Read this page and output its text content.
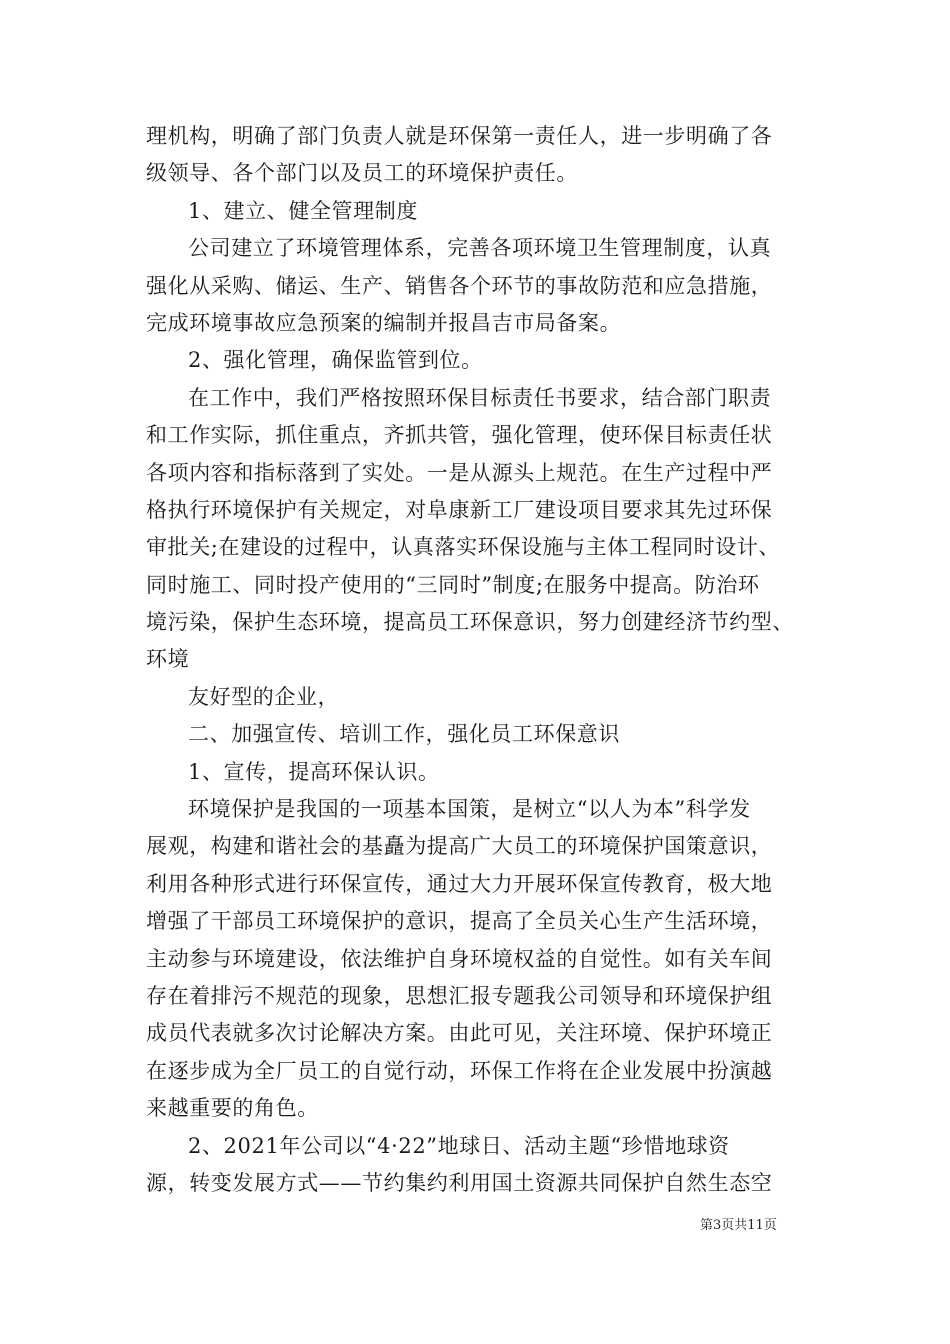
理机构，明确了部门负责人就是环保第一责任人，进一步明确了各
级领导、各个部门以及员工的环境保护责任。
1、建立、健全管理制度
公司建立了环境管理体系，完善各项环境卫生管理制度，认真
强化从采购、储运、生产、销售各个环节的事故防范和应急措施，
完成环境事故应急预案的编制并报昌吉市局备案。
2、强化管理，确保监管到位。
在工作中，我们严格按照环保目标责任书要求，结合部门职责
和工作实际，抓住重点，齐抓共管，强化管理，使环保目标责任状
各项内容和指标落到了实处。一是从源头上规范。在生产过程中严
格执行环境保护有关规定，对阜康新工厂建设项目要求其先过环保
审批关;在建设的过程中，认真落实环保设施与主体工程同时设计、
同时施工、同时投产使用的“三同时”制度;在服务中提高。防治环
境污染，保护生态环境，提高员工环保意识，努力创建经济节约型、
环境
友好型的企业，
二、加强宣传、培训工作，强化员工环保意识
1、宣传，提高环保认识。
环境保护是我国的一项基本国策，是树立“以人为本”科学发
展观，构建和谐社会的基矗为提高广大员工的环境保护国策意识，
利用各种形式进行环保宣传，通过大力开展环保宣传教育，极大地
增强了干部员工环境保护的意识，提高了全员关心生产生活环境，
主动参与环境建设，依法维护自身环境权益的自觉性。如有关车间
存在着排污不规范的现象，思想汇报专题我公司领导和环境保护组
成员代表就多次讨论解决方案。由此可见，关注环境、保护环境正
在逐步成为全厂员工的自觉行动，环保工作将在企业发展中扮演越
来越重要的角色。
2、2021年公司以“4·22”地球日、活动主题“珍惜地球资
源，转变发展方式——节约集约利用国土资源共同保护自然生态空
第3页共11页
